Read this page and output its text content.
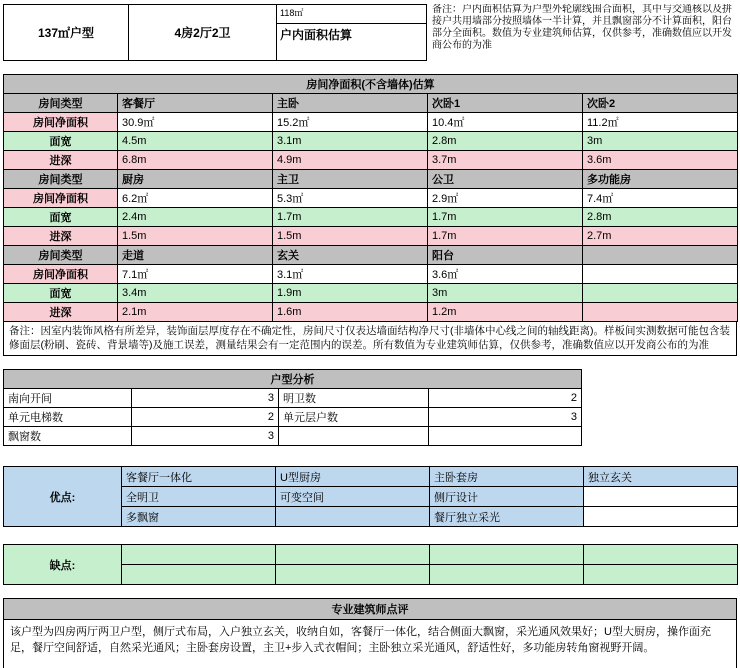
137㎡户型	4房2厅2卫
118㎡
户内面积估算
备注：户内面积估算为户型外轮廓线围合面积，其中与交通核以及拼接户共用墙部分按照墙体一半计算，并且飘窗部分不计算面积，阳台部分全面积。数值为专业建筑师估算，仅供参考，准确数值应以开发商公布的为准
房间净面积(不含墙体)估算				
房间类型	客餐厅	主卧	次卧1	次卧2
房间净面积	30.9㎡	15.2㎡	10.4㎡	11.2㎡
面宽	4.5m	3.1m	2.8m	3m
进深	6.8m	4.9m	3.7m	3.6m
房间类型	厨房	主卫	公卫	多功能房
房间净面积	6.2㎡	5.3㎡	2.9㎡	7.4㎡
面宽	2.4m	1.7m	1.7m	2.8m
进深	1.5m	1.5m	1.7m	2.7m
房间类型	走道	玄关	阳台	
房间净面积	7.1㎡	3.1㎡	3.6㎡	
面宽	3.4m	1.9m	3m	
进深	2.1m	1.6m	1.2m	
备注：因室内装饰风格有所差异，装饰面层厚度存在不确定性，房间尺寸仅表达墙面结构净尺寸(非墙体中心线之间的轴线距离)。样板间实测数据可能包含装修面层(粉刷、瓷砖、背景墙等)及施工误差，测量结果会有一定范围内的误差。所有数值为专业建筑师估算，仅供参考，准确数值应以开发商公布的为准
户型分析			
南向开间	3	明卫数	2
单元电梯数	2	单元层户数	3
飘窗数	3		
优点:	客餐厅一体化	U型厨房	主卧套房	独立玄关
	全明卫	可变空间	侧厅设计	
	多飘窗		餐厅独立采光	
缺点:				

专业建筑师点评
该户型为四房两厅两卫户型，侧厅式布局，入户独立玄关，收纳自如，客餐厅一体化，结合侧面大飘窗，采光通风效果好；U型大厨房，操作面充足，餐厅空间舒适，自然采光通风；主卧套房设置，主卫+步入式衣帽间；主卧独立采光通风，舒适性好，多功能房转角窗视野开阔。
